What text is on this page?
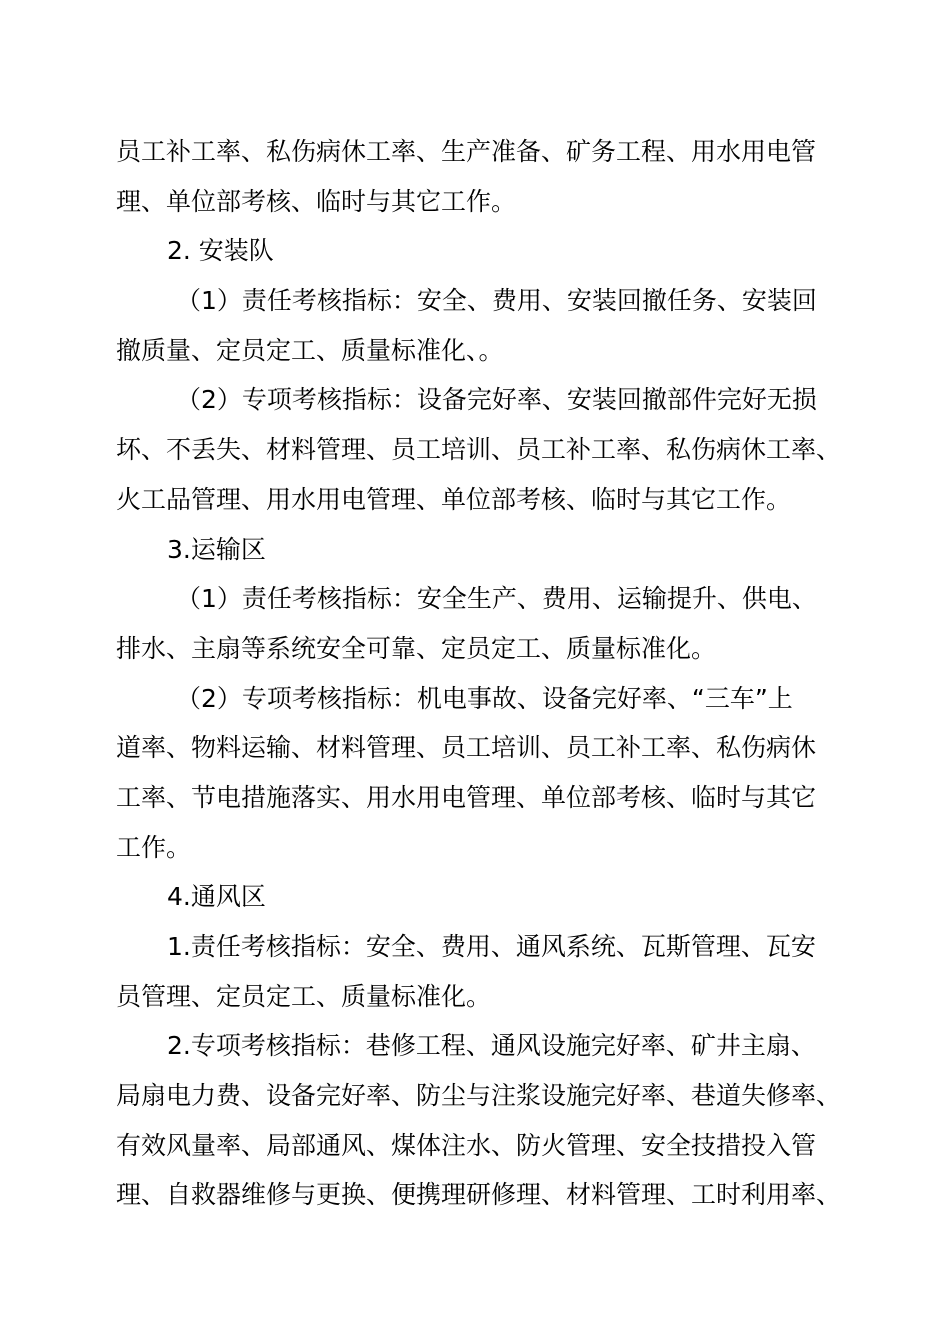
员工补工率、私伤病休工率、生产准备、矿务工程、用水用电管
理、单位部考核、临时与其它工作。
2. 安装队
（1）责任考核指标：安全、费用、安装回撤任务、安装回
撤质量、定员定工、质量标准化、。
（2）专项考核指标：设备完好率、安装回撤部件完好无损
坏、不丢失、材料管理、员工培训、员工补工率、私伤病休工率、
火工品管理、用水用电管理、单位部考核、临时与其它工作。
3.运输区
（1）责任考核指标：安全生产、费用、运输提升、供电、
排水、主扇等系统安全可靠、定员定工、质量标准化。
（2）专项考核指标：机电事故、设备完好率、“三车”上
道率、物料运输、材料管理、员工培训、员工补工率、私伤病休
工率、节电措施落实、用水用电管理、单位部考核、临时与其它
工作。
4.通风区
1.责任考核指标：安全、费用、通风系统、瓦斯管理、瓦安
员管理、定员定工、质量标准化。
2.专项考核指标：巷修工程、通风设施完好率、矿井主扇、
局扇电力费、设备完好率、防尘与注浆设施完好率、巷道失修率、
有效风量率、局部通风、煤体注水、防火管理、安全技措投入管
理、自救器维修与更换、便携理研修理、材料管理、工时利用率、
